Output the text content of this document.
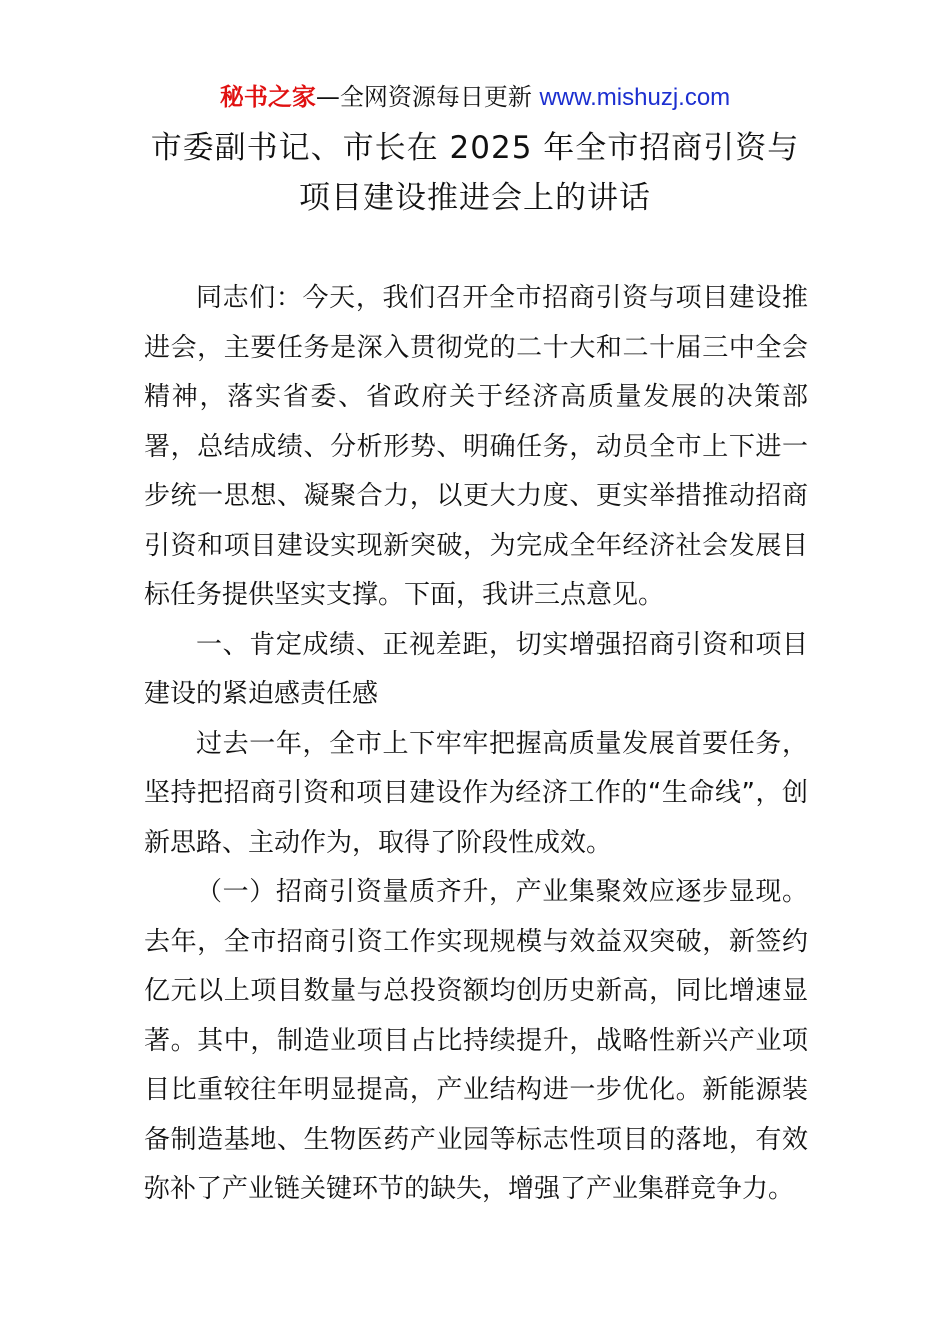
秘书之家—全网资源每日更新 www.mishuzj.com
市委副书记、市长在 2025 年全市招商引资与
项目建设推进会上的讲话

同志们：今天，我们召开全市招商引资与项目建设推进会，主要任务是深入贯彻党的二十大和二十届三中全会精神，落实省委、省政府关于经济高质量发展的决策部署，总结成绩、分析形势、明确任务，动员全市上下进一步统一思想、凝聚合力，以更大力度、更实举措推动招商引资和项目建设实现新突破，为完成全年经济社会发展目标任务提供坚实支撑。下面，我讲三点意见。

一、肯定成绩、正视差距，切实增强招商引资和项目建设的紧迫感责任感

过去一年，全市上下牢牢把握高质量发展首要任务，坚持把招商引资和项目建设作为经济工作的“生命线”，创新思路、主动作为，取得了阶段性成效。

（一）招商引资量质齐升，产业集聚效应逐步显现。去年，全市招商引资工作实现规模与效益双突破，新签约亿元以上项目数量与总投资额均创历史新高，同比增速显著。其中，制造业项目占比持续提升，战略性新兴产业项目比重较往年明显提高，产业结构进一步优化。新能源装备制造基地、生物医药产业园等标志性项目的落地，有效弥补了产业链关键环节的缺失，增强了产业集群竞争力。
